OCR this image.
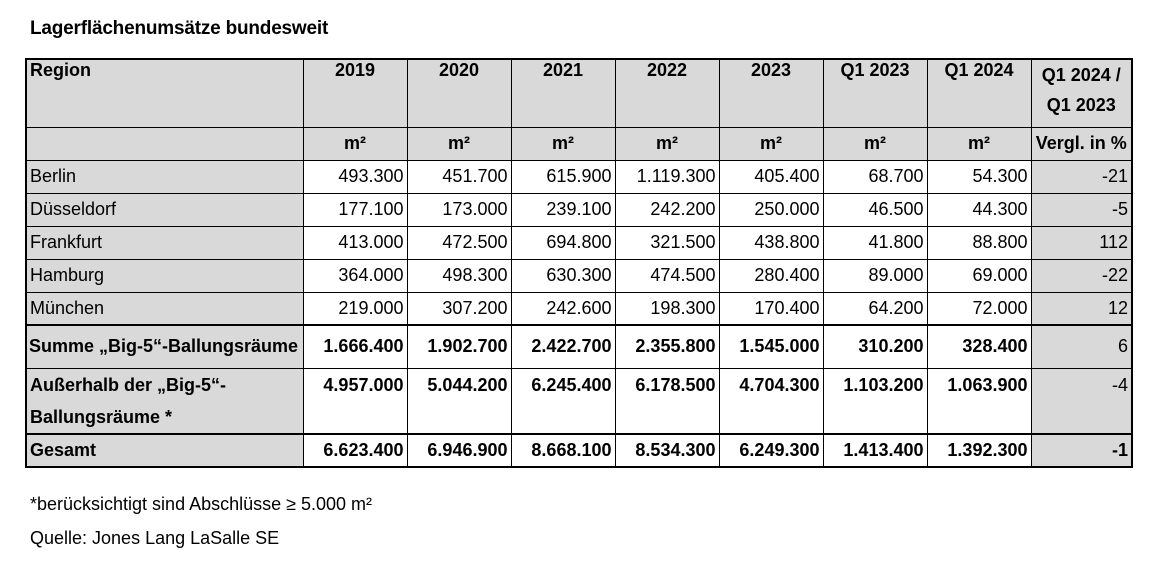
Lagerflächenumsätze bundesweit
Region	2019	2020	2021	2022	2023	Q1 2023	Q1 2024	Q1 2024 / Q1 2023
	m²	m²	m²	m²	m²	m²	m²	Vergl. in %
Berlin	493.300	451.700	615.900	1.119.300	405.400	68.700	54.300	-21
Düsseldorf	177.100	173.000	239.100	242.200	250.000	46.500	44.300	-5
Frankfurt	413.000	472.500	694.800	321.500	438.800	41.800	88.800	112
Hamburg	364.000	498.300	630.300	474.500	280.400	89.000	69.000	-22
München	219.000	307.200	242.600	198.300	170.400	64.200	72.000	12
Summe „Big-5“-Ballungsräume	1.666.400	1.902.700	2.422.700	2.355.800	1.545.000	310.200	328.400	6

Außerhalb der „Big-5“-
Ballungsräume *	4.957.000	5.044.200	6.245.400	6.178.500	4.704.300	1.103.200	1.063.900	-4
Gesamt	6.623.400	6.946.900	8.668.100	8.534.300	6.249.300	1.413.400	1.392.300	-1
*berücksichtigt sind Abschlüsse ≥ 5.000 m²
Quelle: Jones Lang LaSalle SE
